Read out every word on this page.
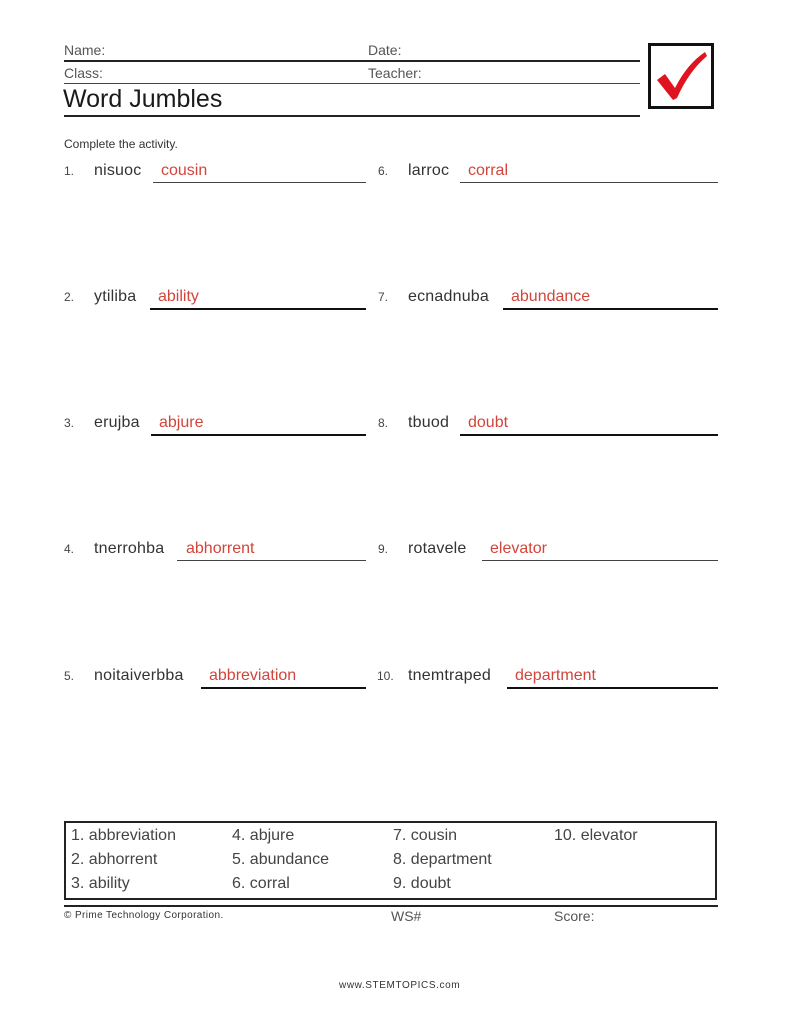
Name:	Date:
Class:	Teacher:
Word Jumbles
Complete the activity.
1. nisuoc cousin
2. ytiliba ability
3. erujba abjure
4. tnerrohba abhorrent
5. noitaiverbba abbreviation
6. larroc corral
7. ecnadnuba abundance
8. tbuod doubt
9. rotavele elevator
10. tnemtraped department
1. abbreviation
2. abhorrent
3. ability
4. abjure
5. abundance
6. corral
7. cousin
8. department
9. doubt
10. elevator
© Prime Technology Corporation.	WS#	Score:
www.STEMTOPICS.com
